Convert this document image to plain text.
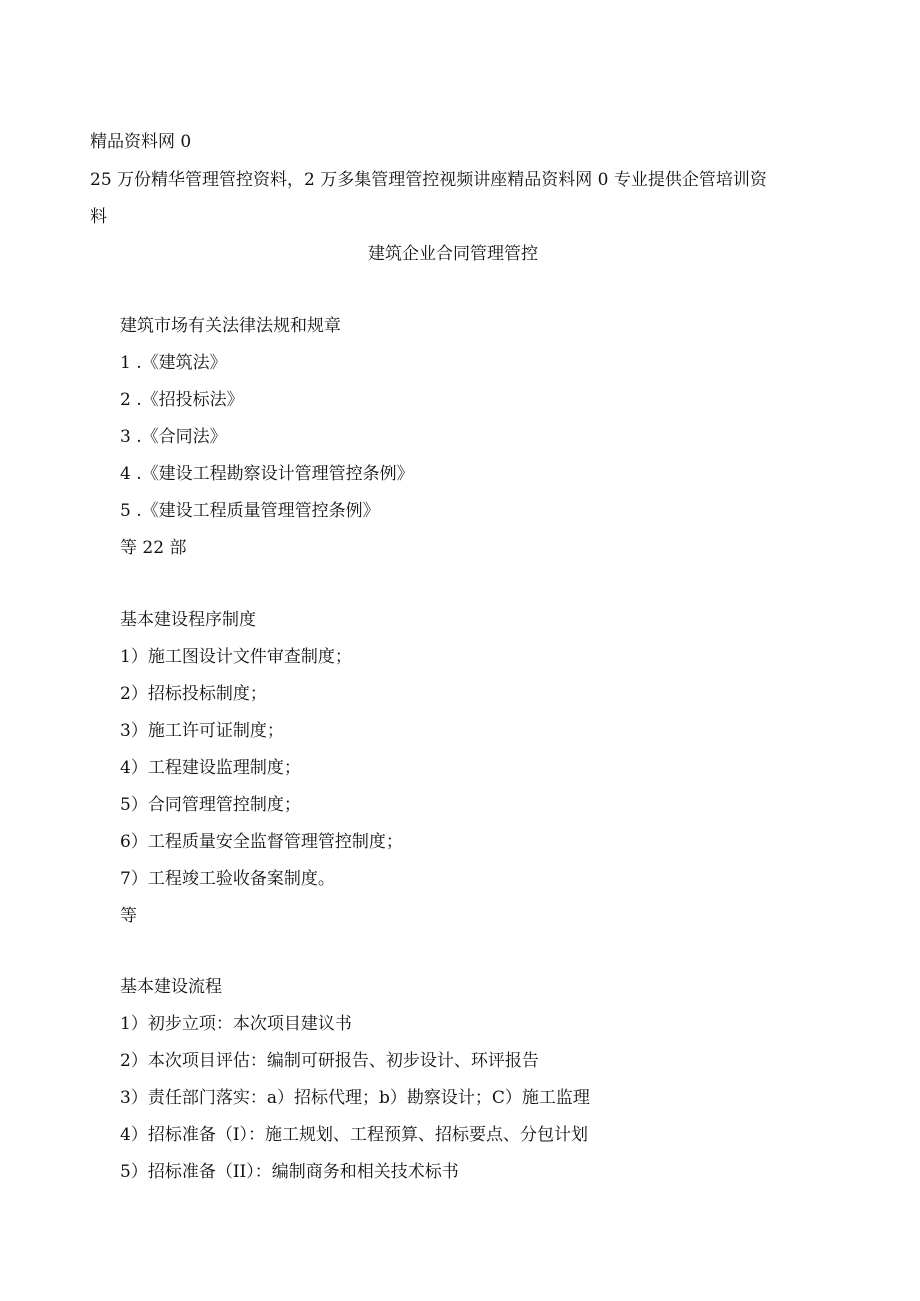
精品资料网 0
25 万份精华管理管控资料，2 万多集管理管控视频讲座精品资料网 0 专业提供企管培训资
料
建筑企业合同管理管控
建筑市场有关法律法规和规章
1 .《建筑法》
2 .《招投标法》
3 .《合同法》
4 .《建设工程勘察设计管理管控条例》
5 .《建设工程质量管理管控条例》
等 22 部
基本建设程序制度
1）施工图设计文件审查制度；
2）招标投标制度；
3）施工许可证制度；
4）工程建设监理制度；
5）合同管理管控制度；
6）工程质量安全监督管理管控制度；
7）工程竣工验收备案制度。
等
基本建设流程
1）初步立项：本次项目建议书
2）本次项目评估：编制可研报告、初步设计、环评报告
3）责任部门落实：a）招标代理；b）勘察设计；C）施工监理
4）招标准备（I）：施工规划、工程预算、招标要点、分包计划
5）招标准备（II）：编制商务和相关技术标书
